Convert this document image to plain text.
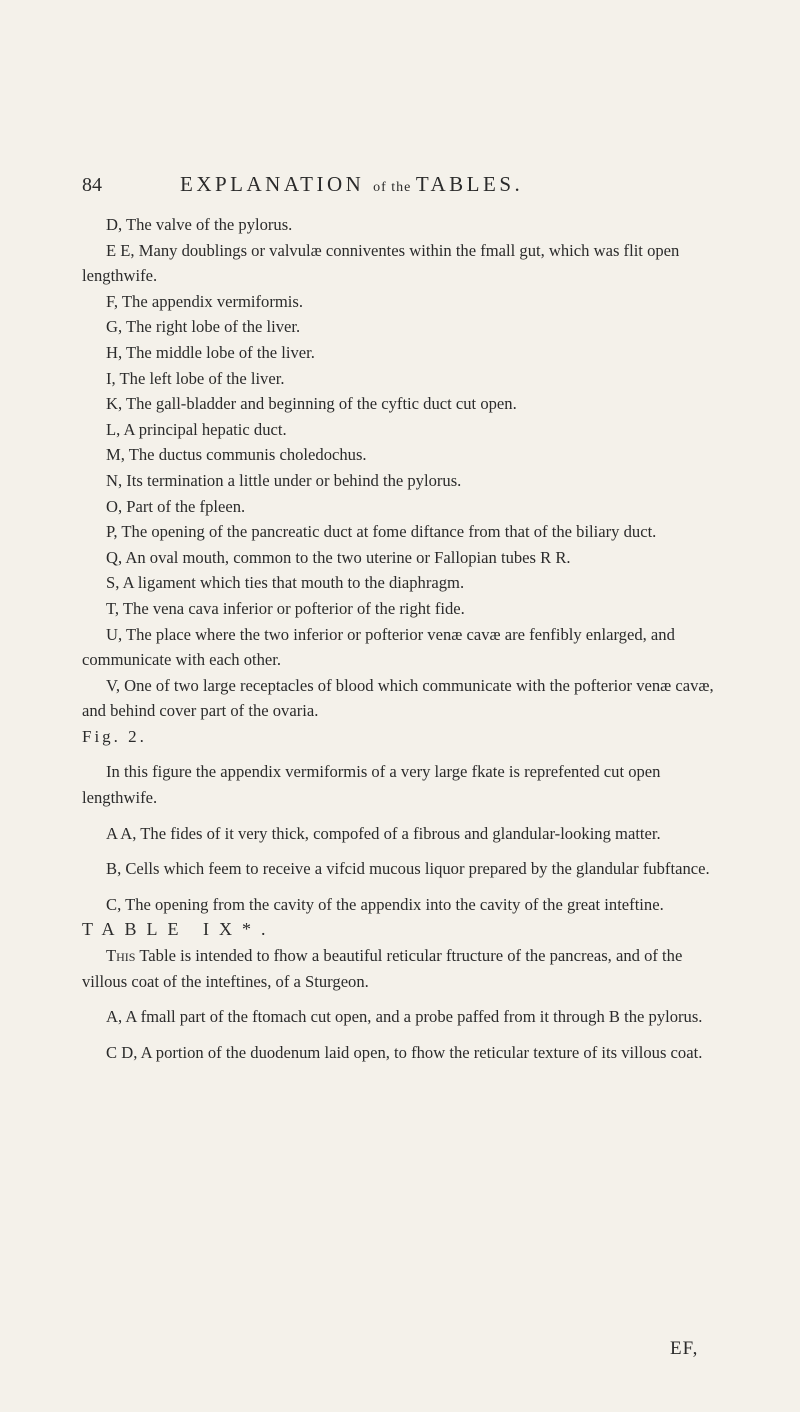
84	EXPLANATION of the TABLES.

D, The valve of the pylorus.

E E, Many doublings or valvulæ conniventes within the fmall gut, which was flit open lengthwife.

F, The appendix vermiformis.

G, The right lobe of the liver.

H, The middle lobe of the liver.

I, The left lobe of the liver.

K, The gall-bladder and beginning of the cyftic duct cut open.

L, A principal hepatic duct.

M, The ductus communis choledochus.

N, Its termination a little under or behind the pylorus.

O, Part of the fpleen.

P, The opening of the pancreatic duct at fome diftance from that of the biliary duct.

Q, An oval mouth, common to the two uterine or Fallopian tubes R R.

S, A ligament which ties that mouth to the diaphragm.

T, The vena cava inferior or pofterior of the right fide.

U, The place where the two inferior or pofterior venæ cavæ are fenfibly enlarged, and communicate with each other.

V, One of two large receptacles of blood which communicate with the pofterior venæ cavæ, and behind cover part of the ovaria.

Fig. 2.

In this figure the appendix vermiformis of a very large fkate is reprefented cut open lengthwife.

A A, The fides of it very thick, compofed of a fibrous and glandular-looking matter.

B, Cells which feem to receive a vifcid mucous liquor prepared by the glandular fubftance.

C, The opening from the cavity of the appendix into the cavity of the great inteftine.

TABLE IX*.

This Table is intended to fhow a beautiful reticular ftructure of the pancreas, and of the villous coat of the inteftines, of a Sturgeon.

A, A fmall part of the ftomach cut open, and a probe paffed from it through B the pylorus.

C D, A portion of the duodenum laid open, to fhow the reticular texture of its villous coat.

EF,
